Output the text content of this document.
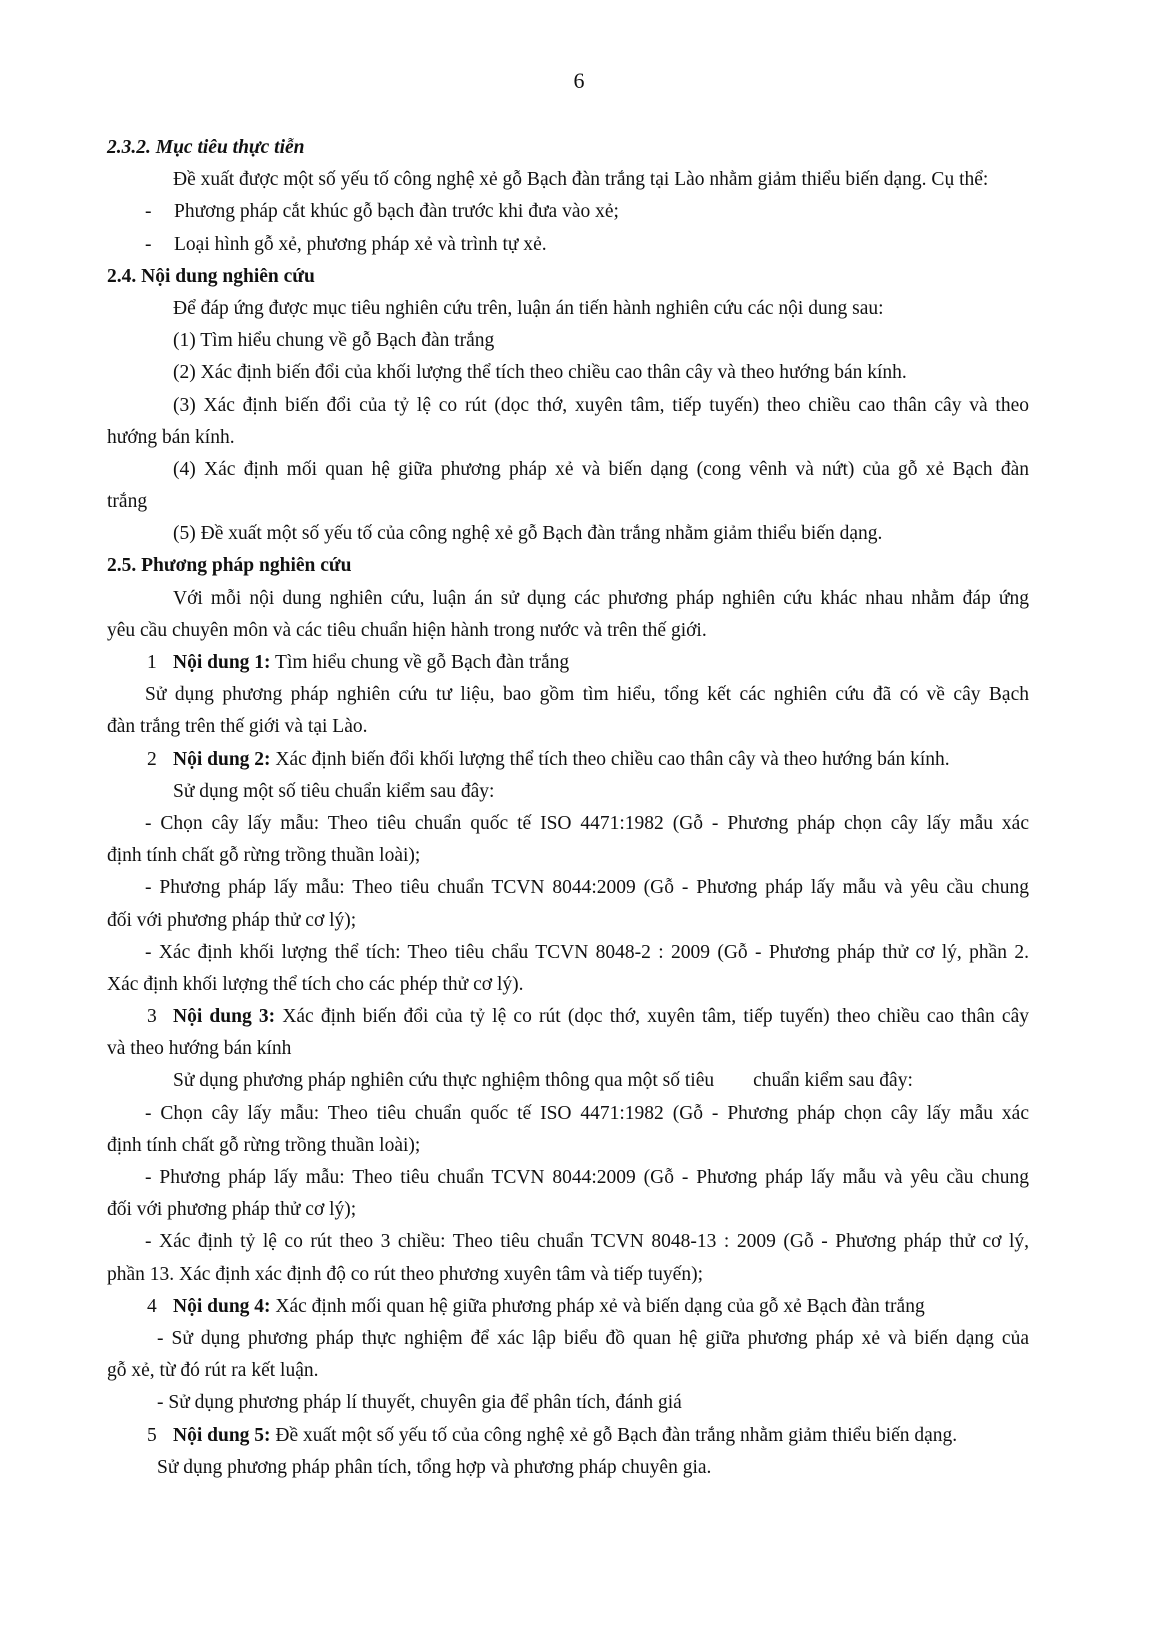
6
2.3.2. Mục tiêu thực tiễn
Đề xuất được một số yếu tố công nghệ xẻ gỗ Bạch đàn trắng tại Lào nhằm giảm thiểu biến dạng. Cụ thể:
- Phương pháp cắt khúc gỗ bạch đàn trước khi đưa vào xẻ;
- Loại hình gỗ xẻ, phương pháp xẻ và trình tự xẻ.
2.4. Nội dung nghiên cứu
Để đáp ứng được mục tiêu nghiên cứu trên, luận án tiến hành nghiên cứu các nội dung sau:
(1) Tìm hiểu chung về gỗ Bạch đàn trắng
(2) Xác định biến đổi của khối lượng thể tích theo chiều cao thân cây và theo hướng bán kính.
(3) Xác định biến đổi của tỷ lệ co rút (dọc thớ, xuyên tâm, tiếp tuyến) theo chiều cao thân cây và theo
hướng bán kính.
(4) Xác định mối quan hệ giữa phương pháp xẻ và biến dạng (cong vênh và nứt) của gỗ xẻ Bạch đàn
trắng
(5) Đề xuất một số yếu tố của công nghệ xẻ gỗ Bạch đàn trắng nhằm giảm thiểu biến dạng.
2.5. Phương pháp nghiên cứu
Với mỗi nội dung nghiên cứu, luận án sử dụng các phương pháp nghiên cứu khác nhau nhằm đáp ứng
yêu cầu chuyên môn và các tiêu chuẩn hiện hành trong nước và trên thế giới.
1 Nội dung 1: Tìm hiểu chung về gỗ Bạch đàn trắng
Sử dụng phương pháp nghiên cứu tư liệu, bao gồm tìm hiểu, tổng kết các nghiên cứu đã có về cây Bạch
đàn trắng trên thế giới và tại Lào.
2 Nội dung 2: Xác định biến đổi khối lượng thể tích theo chiều cao thân cây và theo hướng bán kính.
Sử dụng một số tiêu chuẩn kiểm sau đây:
- Chọn cây lấy mẫu: Theo tiêu chuẩn quốc tế ISO 4471:1982 (Gỗ - Phương pháp chọn cây lấy mẫu xác
định tính chất gỗ rừng trồng thuần loài);
- Phương pháp lấy mẫu: Theo tiêu chuẩn TCVN 8044:2009 (Gỗ - Phương pháp lấy mẫu và yêu cầu chung
đối với phương pháp thử cơ lý);
- Xác định khối lượng thể tích: Theo tiêu chẩu TCVN 8048-2 : 2009 (Gỗ - Phương pháp thử cơ lý, phần 2.
Xác định khối lượng thể tích cho các phép thử cơ lý).
3 Nội dung 3: Xác định biến đổi của tỷ lệ co rút (dọc thớ, xuyên tâm, tiếp tuyến) theo chiều cao thân cây
và theo hướng bán kính
Sử dụng phương pháp nghiên cứu thực nghiệm thông qua một số tiêu        chuẩn kiểm sau đây:
- Chọn cây lấy mẫu: Theo tiêu chuẩn quốc tế ISO 4471:1982 (Gỗ - Phương pháp chọn cây lấy mẫu xác
định tính chất gỗ rừng trồng thuần loài);
- Phương pháp lấy mẫu: Theo tiêu chuẩn TCVN 8044:2009 (Gỗ - Phương pháp lấy mẫu và yêu cầu chung
đối với phương pháp thử cơ lý);
- Xác định tỷ lệ co rút theo 3 chiều: Theo tiêu chuẩn TCVN 8048-13 : 2009 (Gỗ - Phương pháp thử cơ lý,
phần 13. Xác định xác định độ co rút theo phương xuyên tâm và tiếp tuyến);
4 Nội dung 4: Xác định mối quan hệ giữa phương pháp xẻ và biến dạng của gỗ xẻ Bạch đàn trắng
- Sử dụng phương pháp thực nghiệm để xác lập biểu đồ quan hệ giữa phương pháp xẻ và biến dạng của
gỗ xẻ, từ đó rút ra kết luận.
- Sử dụng phương pháp lí thuyết, chuyên gia để phân tích, đánh giá
5 Nội dung 5: Đề xuất một số yếu tố của công nghệ xẻ gỗ Bạch đàn trắng nhằm giảm thiểu biến dạng.
Sử dụng phương pháp phân tích, tổng hợp và phương pháp chuyên gia.
